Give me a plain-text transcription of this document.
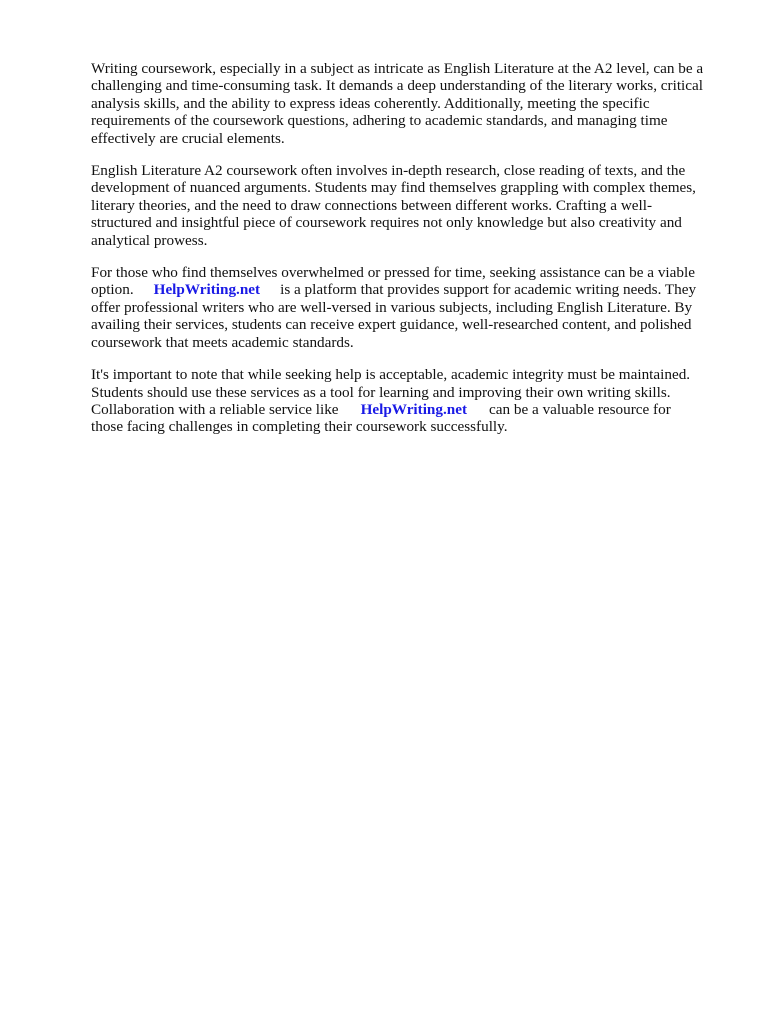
Writing coursework, especially in a subject as intricate as English Literature at the A2 level, can be a
challenging and time-consuming task. It demands a deep understanding of the literary works, critical
analysis skills, and the ability to express ideas coherently. Additionally, meeting the specific
requirements of the coursework questions, adhering to academic standards, and managing time
effectively are crucial elements.

English Literature A2 coursework often involves in-depth research, close reading of texts, and the
development of nuanced arguments. Students may find themselves grappling with complex themes,
literary theories, and the need to draw connections between different works. Crafting a well-
structured and insightful piece of coursework requires not only knowledge but also creativity and
analytical prowess.

For those who find themselves overwhelmed or pressed for time, seeking assistance can be a viable
option. HelpWriting.net is a platform that provides support for academic writing needs. They
offer professional writers who are well-versed in various subjects, including English Literature. By
availing their services, students can receive expert guidance, well-researched content, and polished
coursework that meets academic standards.

It's important to note that while seeking help is acceptable, academic integrity must be maintained.
Students should use these services as a tool for learning and improving their own writing skills.
Collaboration with a reliable service like HelpWriting.net can be a valuable resource for
those facing challenges in completing their coursework successfully.
